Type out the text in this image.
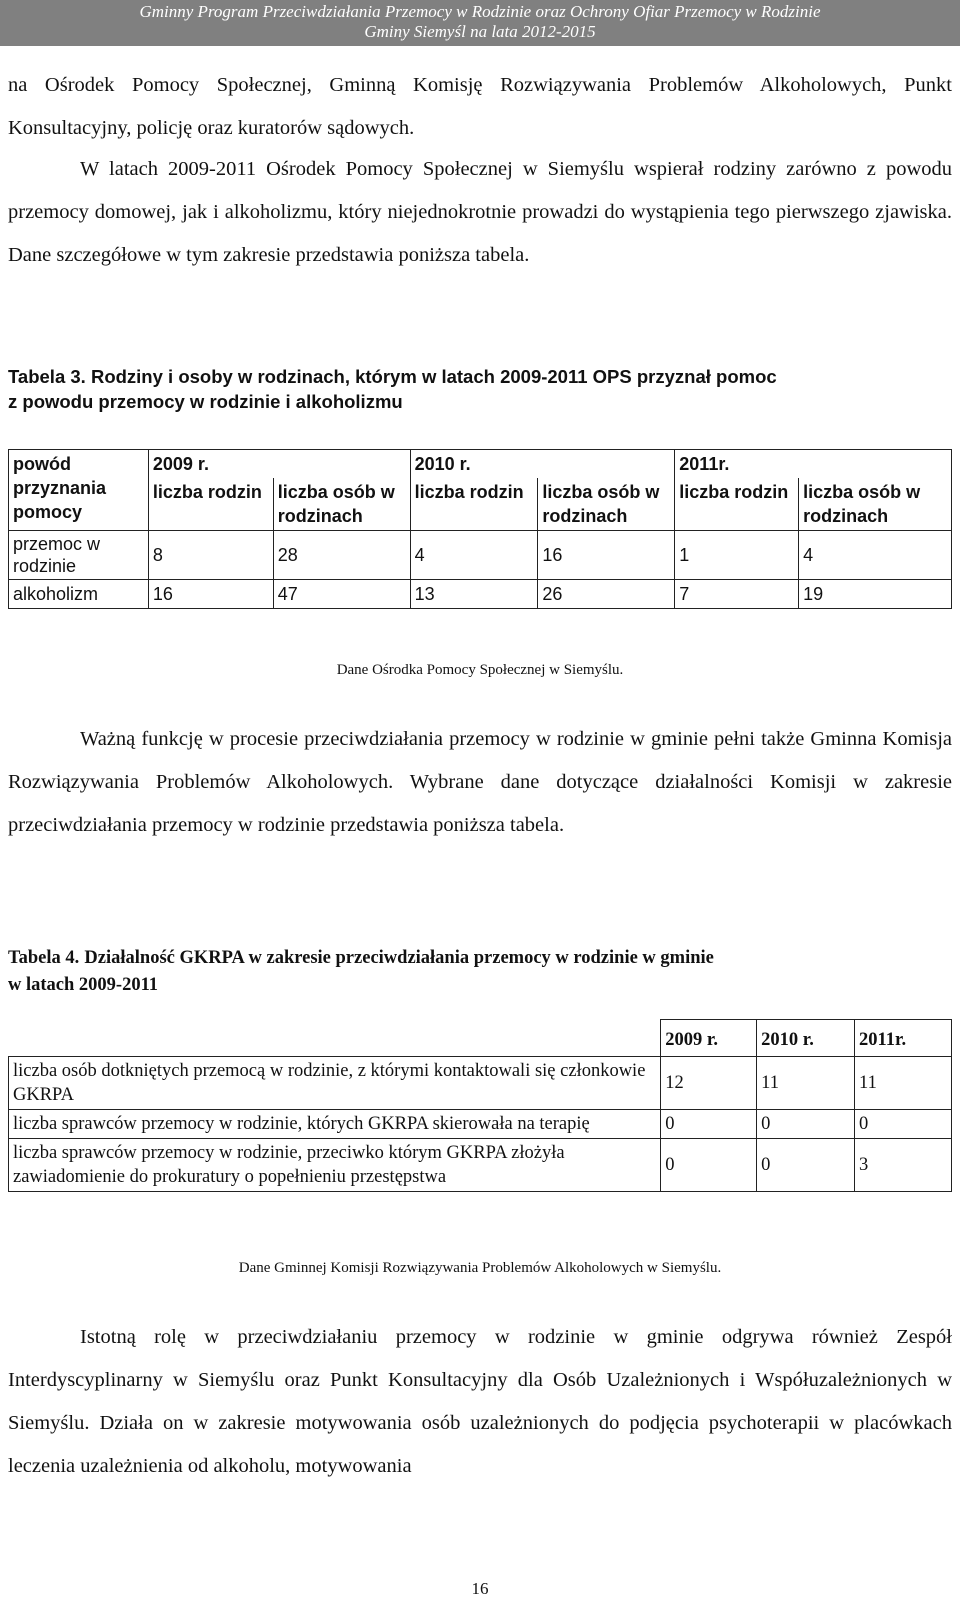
Gminny Program Przeciwdziałania Przemocy w Rodzinie oraz Ochrony Ofiar Przemocy w Rodzinie
Gminy Siemyśl na lata 2012-2015

na Ośrodek Pomocy Społecznej, Gminną Komisję Rozwiązywania Problemów Alkoholowych, Punkt Konsultacyjny, policję oraz kuratorów sądowych.

W latach 2009-2011 Ośrodek Pomocy Społecznej w Siemyślu wspierał rodziny zarówno z powodu przemocy domowej, jak i alkoholizmu, który niejednokrotnie prowadzi do wystąpienia tego pierwszego zjawiska. Dane szczegółowe w tym zakresie przedstawia poniższa tabela.

Tabela 3. Rodziny i osoby w rodzinach, którym w latach 2009-2011 OPS przyznał pomoc
z powodu przemocy w rodzinie i alkoholizmu
powód przyznania pomocy	2009 r.		2010 r.		2011r.	
	liczba rodzin	liczba osób w rodzinach	liczba rodzin	liczba osób w rodzinach	liczba rodzin	liczba osób w rodzinach
przemoc w rodzinie	8	28	4	16	1	4
alkoholizm	16	47	13	26	7	19
Dane Ośrodka Pomocy Społecznej w Siemyślu.

Ważną funkcję w procesie przeciwdziałania przemocy w rodzinie w gminie pełni także Gminna Komisja Rozwiązywania Problemów Alkoholowych. Wybrane dane dotyczące działalności Komisji w zakresie przeciwdziałania przemocy w rodzinie przedstawia poniższa tabela.

Tabela 4. Działalność GKRPA w zakresie przeciwdziałania przemocy w rodzinie w gminie
w latach 2009-2011
	2009 r.	2010 r.	2011r.
liczba osób dotkniętych przemocą w rodzinie, z którymi kontaktowali się członkowie GKRPA	12	11	11
liczba sprawców przemocy w rodzinie, których GKRPA skierowała na terapię	0	0	0
liczba sprawców przemocy w rodzinie, przeciwko którym GKRPA złożyła zawiadomienie do prokuratury o popełnieniu przestępstwa	0	0	3
Dane Gminnej Komisji Rozwiązywania Problemów Alkoholowych w Siemyślu.

Istotną rolę w przeciwdziałaniu przemocy w rodzinie w gminie odgrywa również Zespół Interdyscyplinarny w Siemyślu oraz Punkt Konsultacyjny dla Osób Uzależnionych i Współuzależnionych w Siemyślu. Działa on w zakresie motywowania osób uzależnionych do podjęcia psychoterapii w placówkach leczenia uzależnienia od alkoholu, motywowania

16
